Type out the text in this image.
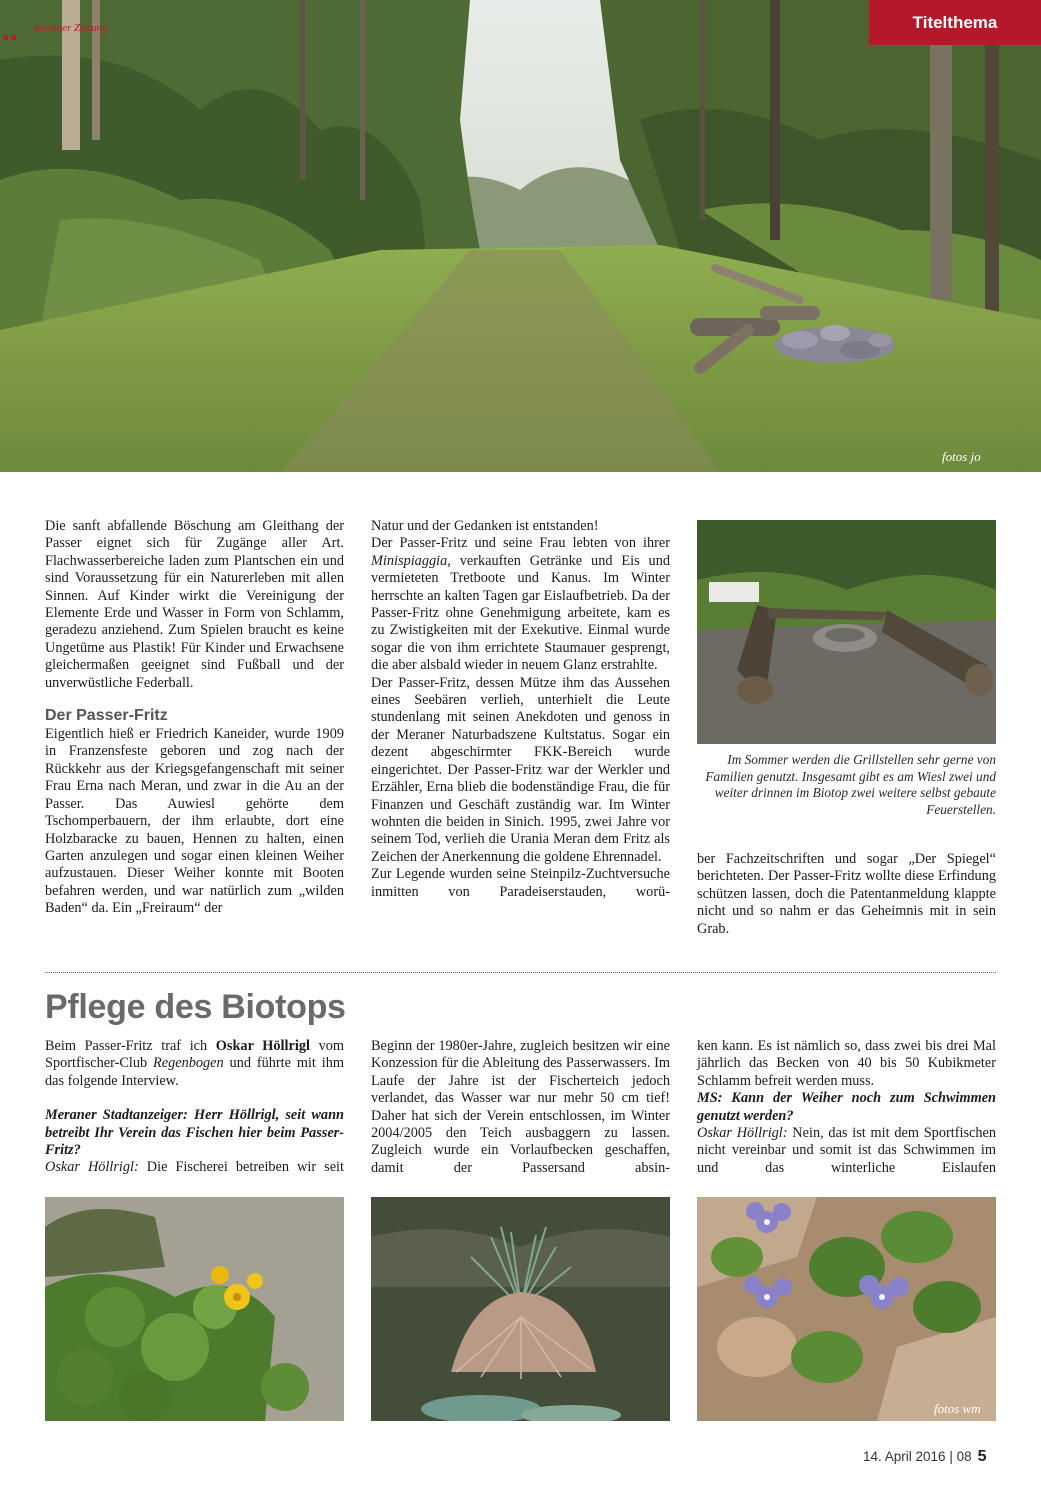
meraner Zeitung	Titelthema
fotos jo

Die sanft abfallende Böschung am Gleithang der Passer eignet sich für Zugänge aller Art. Flachwasserbereiche laden zum Plantschen ein und sind Voraussetzung für ein Naturerleben mit allen Sinnen. Auf Kinder wirkt die Vereinigung der Elemente Erde und Wasser in Form von Schlamm, geradezu anziehend. Zum Spielen braucht es keine Ungetüme aus Plastik! Für Kinder und Erwachsene gleichermaßen geeignet sind Fußball und der unverwüstliche Federball.

Der Passer-Fritz

Eigentlich hieß er Friedrich Kaneider, wurde 1909 in Franzensfeste geboren und zog nach der Rückkehr aus der Kriegsgefangenschaft mit seiner Frau Erna nach Meran, und zwar in die Au an der Passer. Das Auwiesl gehörte dem Tschomperbauern, der ihm erlaubte, dort eine Holzbaracke zu bauen, Hennen zu halten, einen Garten anzulegen und sogar einen kleinen Weiher aufzustauen. Dieser Weiher konnte mit Booten befahren werden, und war natürlich zum „wilden Baden“ da. Ein „Freiraum“ der

Natur und der Gedanken ist entstanden!

Der Passer-Fritz und seine Frau lebten von ihrer Minispiaggia, verkauften Getränke und Eis und vermieteten Tretboote und Kanus. Im Winter herrschte an kalten Tagen gar Eislaufbetrieb. Da der Passer-Fritz ohne Genehmigung arbeitete, kam es zu Zwistigkeiten mit der Exekutive. Einmal wurde sogar die von ihm errichtete Staumauer gesprengt, die aber alsbald wieder in neuem Glanz erstrahlte.

Der Passer-Fritz, dessen Mütze ihm das Aussehen eines Seebären verlieh, unterhielt die Leute stundenlang mit seinen Anekdoten und genoss in der Meraner Naturbadszene Kultstatus. Sogar ein dezent abgeschirmter FKK-Bereich wurde eingerichtet. Der Passer-Fritz war der Werkler und Erzähler, Erna blieb die bodenständige Frau, die für Finanzen und Geschäft zuständig war. Im Winter wohnten die beiden in Sinich. 1995, zwei Jahre vor seinem Tod, verlieh die Urania Meran dem Fritz als Zeichen der Anerkennung die goldene Ehrennadel.

Zur Legende wurden seine Steinpilz-Zuchtversuche inmitten von Paradeiserstauden, worü-

Im Sommer werden die Grillstellen sehr gerne von Familien genutzt. Insgesamt gibt es am Wiesl zwei und weiter drinnen im Biotop zwei weitere selbst gebaute Feuerstellen.

ber Fachzeitschriften und sogar „Der Spiegel“ berichteten. Der Passer-Fritz wollte diese Erfindung schützen lassen, doch die Patentanmeldung klappte nicht und so nahm er das Geheimnis mit in sein Grab.

Pflege des Biotops

Beim Passer-Fritz traf ich Oskar Höllrigl vom Sportfischer-Club Regenbogen und führte mit ihm das folgende Interview.

Meraner Stadtanzeiger: Herr Höllrigl, seit wann betreibt Ihr Verein das Fischen hier beim Passer-Fritz?

Oskar Höllrigl: Die Fischerei betreiben wir seit

Beginn der 1980er-Jahre, zugleich besitzen wir eine Konzession für die Ableitung des Passerwassers. Im Laufe der Jahre ist der Fischerteich jedoch verlandet, das Wasser war nur mehr 50 cm tief! Daher hat sich der Verein entschlossen, im Winter 2004/2005 den Teich ausbaggern zu lassen. Zugleich wurde ein Vorlaufbecken geschaffen, damit der Passersand absin-

ken kann. Es ist nämlich so, dass zwei bis drei Mal jährlich das Becken von 40 bis 50 Kubikmeter Schlamm befreit werden muss.

MS: Kann der Weiher noch zum Schwimmen genutzt werden?

Oskar Höllrigl: Nein, das ist mit dem Sportfischen nicht vereinbar und somit ist das Schwimmen im und das winterliche Eislaufen

fotos wm
14. April 2016 | 08 5
